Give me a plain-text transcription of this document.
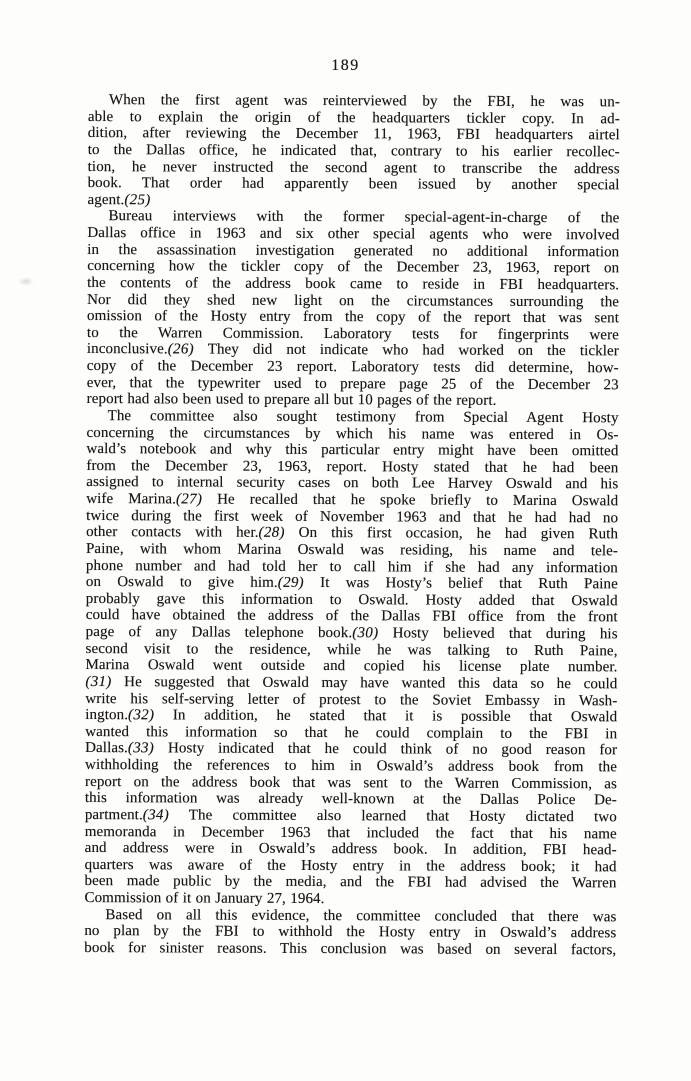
189
When the first agent was reinterviewed by the FBI, he was un-
able to explain the origin of the headquarters tickler copy. In ad-
dition, after reviewing the December 11, 1963, FBI headquarters airtel
to the Dallas office, he indicated that, contrary to his earlier recollec-
tion, he never instructed the second agent to transcribe the address
book. That order had apparently been issued by another special
agent.(25)
Bureau interviews with the former special-agent-in-charge of the
Dallas office in 1963 and six other special agents who were involved
in the assassination investigation generated no additional information
concerning how the tickler copy of the December 23, 1963, report on
the contents of the address book came to reside in FBI headquarters.
Nor did they shed new light on the circumstances surrounding the
omission of the Hosty entry from the copy of the report that was sent
to the Warren Commission. Laboratory tests for fingerprints were
inconclusive.(26) They did not indicate who had worked on the tickler
copy of the December 23 report. Laboratory tests did determine, how-
ever, that the typewriter used to prepare page 25 of the December 23
report had also been used to prepare all but 10 pages of the report.
The committee also sought testimony from Special Agent Hosty
concerning the circumstances by which his name was entered in Os-
wald’s notebook and why this particular entry might have been omitted
from the December 23, 1963, report. Hosty stated that he had been
assigned to internal security cases on both Lee Harvey Oswald and his
wife Marina.(27) He recalled that he spoke briefly to Marina Oswald
twice during the first week of November 1963 and that he had had no
other contacts with her.(28) On this first occasion, he had given Ruth
Paine, with whom Marina Oswald was residing, his name and tele-
phone number and had told her to call him if she had any information
on Oswald to give him.(29) It was Hosty’s belief that Ruth Paine
probably gave this information to Oswald. Hosty added that Oswald
could have obtained the address of the Dallas FBI office from the front
page of any Dallas telephone book.(30) Hosty believed that during his
second visit to the residence, while he was talking to Ruth Paine,
Marina Oswald went outside and copied his license plate number.
(31) He suggested that Oswald may have wanted this data so he could
write his self-serving letter of protest to the Soviet Embassy in Wash-
ington.(32) In addition, he stated that it is possible that Oswald
wanted this information so that he could complain to the FBI in
Dallas.(33) Hosty indicated that he could think of no good reason for
withholding the references to him in Oswald’s address book from the
report on the address book that was sent to the Warren Commission, as
this information was already well-known at the Dallas Police De-
partment.(34) The committee also learned that Hosty dictated two
memoranda in December 1963 that included the fact that his name
and address were in Oswald’s address book. In addition, FBI head-
quarters was aware of the Hosty entry in the address book; it had
been made public by the media, and the FBI had advised the Warren
Commission of it on January 27, 1964.
Based on all this evidence, the committee concluded that there was
no plan by the FBI to withhold the Hosty entry in Oswald’s address
book for sinister reasons. This conclusion was based on several factors,
